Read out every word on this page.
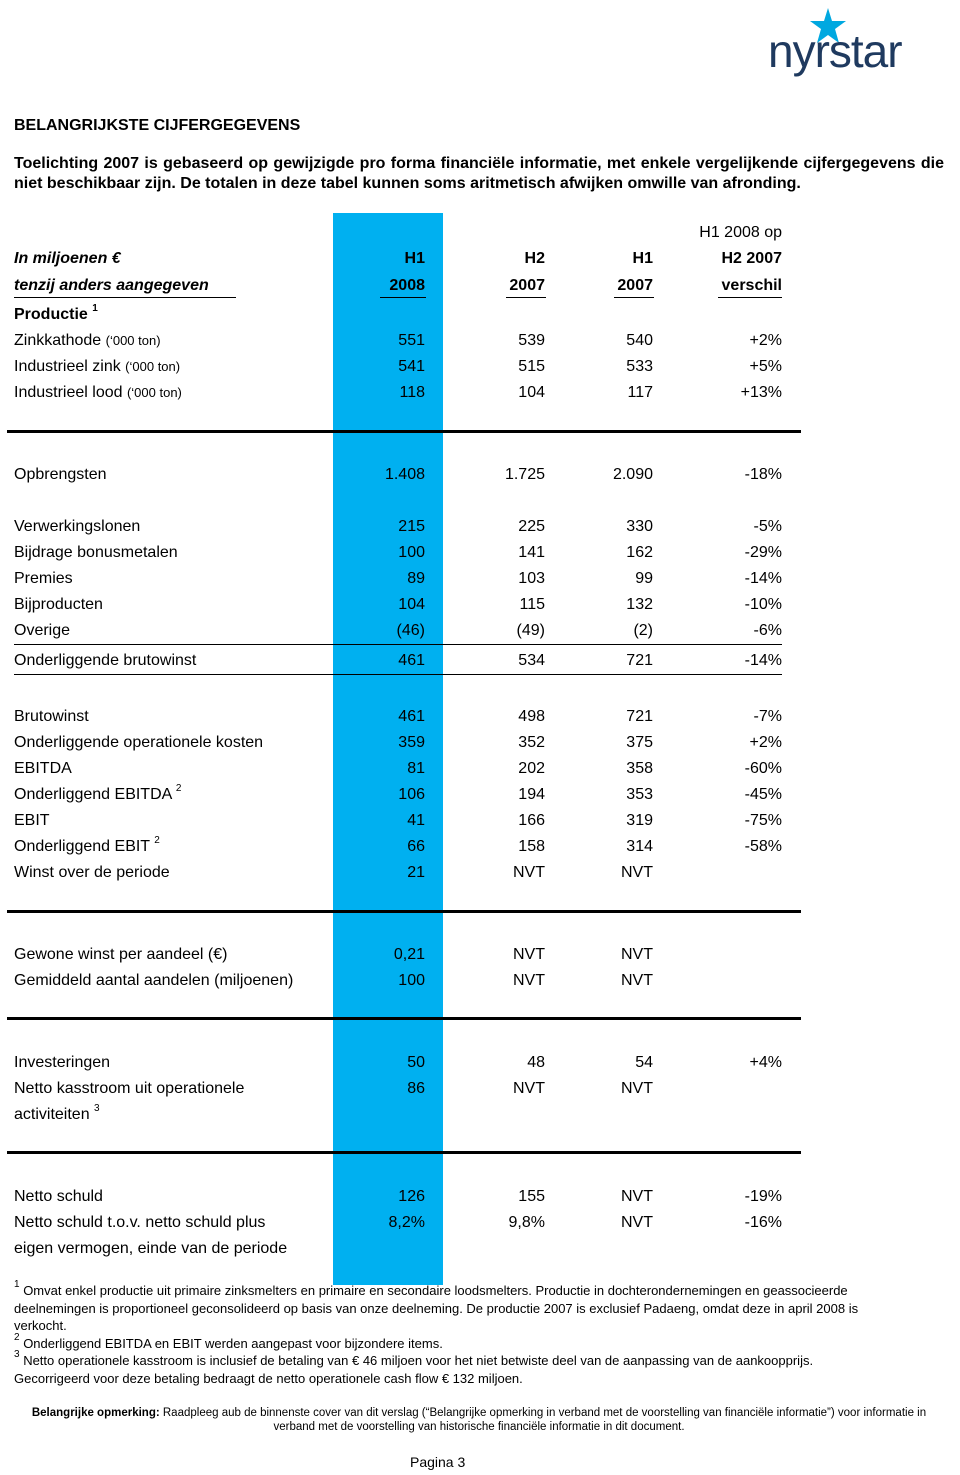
nyrstar
BELANGRIJKSTE CIJFERGEGEVENS
Toelichting 2007 is gebaseerd op gewijzigde pro forma financiële informatie, met enkele vergelijkende cijfergegevens die niet beschikbaar zijn. De totalen in deze tabel kunnen soms aritmetisch afwijken omwille van afronding.
H1 2008 op
In miljoenen €	H1	H2	H1	H2 2007
tenzij anders aangegeven	2008	2007	2007	verschil
Productie $^1$
Zinkkathode (‘000 ton)	551	539	540	+2%
Industrieel zink (‘000 ton)	541	515	533	+5%
Industrieel lood (‘000 ton)	118	104	117	+13%
Opbrengsten	1.408	1.725	2.090	-18%
Verwerkingslonen	215	225	330	-5%
Bijdrage bonusmetalen	100	141	162	-29%
Premies	89	103	99	-14%
Bijproducten	104	115	132	-10%
Overige	(46)	(49)	(2)	-6%
Onderliggende brutowinst	461	534	721	-14%
Brutowinst	461	498	721	-7%
Onderliggende operationele kosten	359	352	375	+2%
EBITDA	81	202	358	-60%
Onderliggend EBITDA $^2$	106	194	353	-45%
EBIT	41	166	319	-75%
Onderliggend EBIT $^2$	66	158	314	-58%
Winst over de periode	21	NVT	NVT
Gewone winst per aandeel (€)	0,21	NVT	NVT
Gemiddeld aantal aandelen (miljoenen)	100	NVT	NVT
Investeringen	50	48	54	+4%
Netto kasstroom uit operationele	86	NVT	NVT
activiteiten $^3$
Netto schuld	126	155	NVT	-19%
Netto schuld t.o.v. netto schuld plus	8,2%	9,8%	NVT	-16%
eigen vermogen, einde van de periode
$^1$ Omvat enkel productie uit primaire zinksmelters en primaire en secondaire loodsmelters. Productie in dochterondernemingen en geassocieerde deelnemingen is proportioneel geconsolideerd op basis van onze deelneming. De productie 2007 is exclusief Padaeng, omdat deze in april 2008 is verkocht.
$^2$ Onderliggend EBITDA en EBIT werden aangepast voor bijzondere items.
$^3$ Netto operationele kasstroom is inclusief de betaling van € 46 miljoen voor het niet betwiste deel van de aanpassing van de aankoopprijs. Gecorrigeerd voor deze betaling bedraagt de netto operationele cash flow € 132 miljoen.
Belangrijke opmerking: Raadpleeg aub de binnenste cover van dit verslag (“Belangrijke opmerking in verband met de voorstelling van financiële informatie”) voor informatie in verband met de voorstelling van historische financiële informatie in dit document.
Pagina 3
